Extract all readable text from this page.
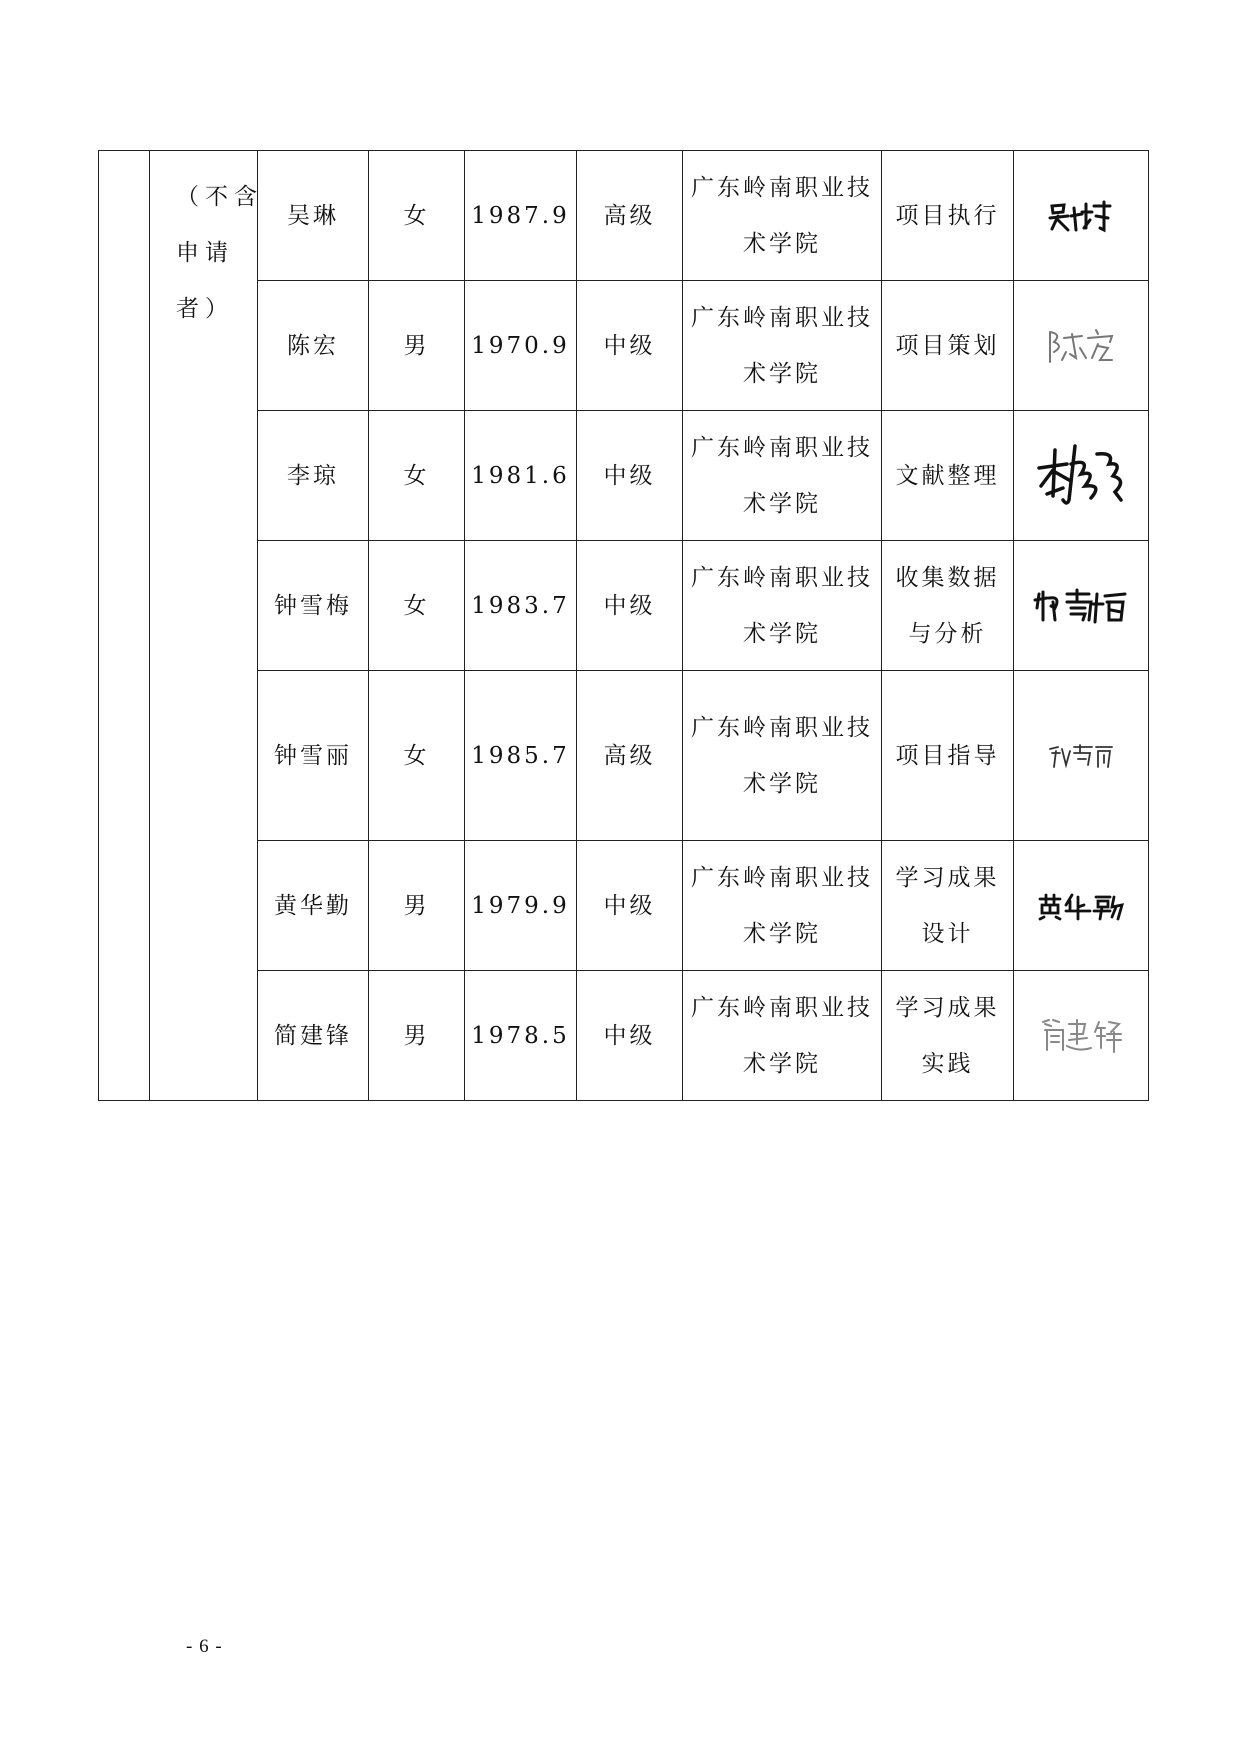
	（不含
申请
者）	吴琳	女	1987.9	高级	广东岭南职业技
术学院	项目执行

		陈宏	男	1970.9	中级	广东岭南职业技
术学院	项目策划

		李琼	女	1981.6	中级	广东岭南职业技
术学院	文献整理

		钟雪梅	女	1983.7	中级	广东岭南职业技
术学院	收集数据
与分析

		钟雪丽	女	1985.7	高级	广东岭南职业技
术学院	项目指导

		黄华勤	男	1979.9	中级	广东岭南职业技
术学院	学习成果
设计

		简建锋	男	1978.5	中级	广东岭南职业技
术学院	学习成果
实践

- 6 -
